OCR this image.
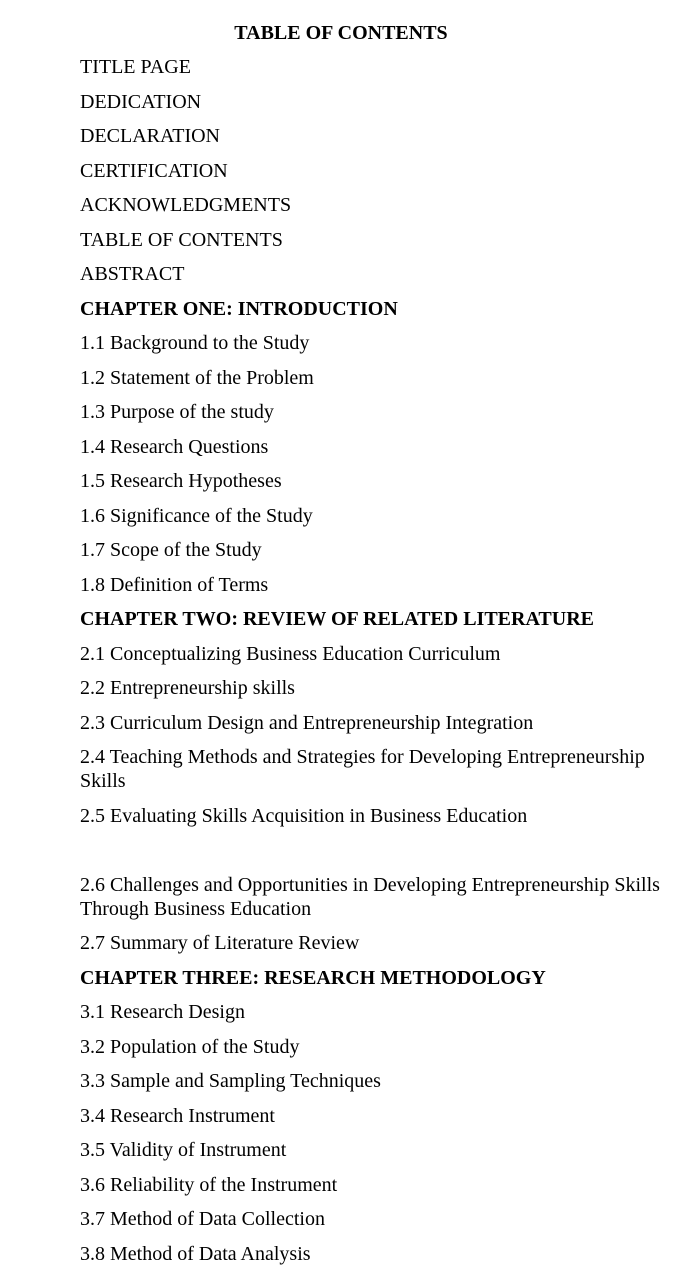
TABLE OF CONTENTS
TITLE PAGE
DEDICATION
DECLARATION
CERTIFICATION
ACKNOWLEDGMENTS
TABLE OF CONTENTS
ABSTRACT
CHAPTER ONE: INTRODUCTION
1.1 Background to the Study
1.2 Statement of the Problem
1.3 Purpose of the study
1.4 Research Questions
1.5 Research Hypotheses
1.6 Significance of the Study
1.7 Scope of the Study
1.8 Definition of Terms
CHAPTER TWO: REVIEW OF RELATED LITERATURE
2.1 Conceptualizing Business Education Curriculum
2.2 Entrepreneurship skills
2.3 Curriculum Design and Entrepreneurship Integration
2.4 Teaching Methods and Strategies for Developing Entrepreneurship Skills
2.5 Evaluating Skills Acquisition in Business Education
2.6 Challenges and Opportunities in Developing Entrepreneurship Skills Through Business Education
2.7 Summary of Literature Review
CHAPTER THREE: RESEARCH METHODOLOGY
3.1 Research Design
3.2 Population of the Study
3.3 Sample and Sampling Techniques
3.4 Research Instrument
3.5 Validity of Instrument
3.6 Reliability of the Instrument
3.7 Method of Data Collection
3.8 Method of Data Analysis
